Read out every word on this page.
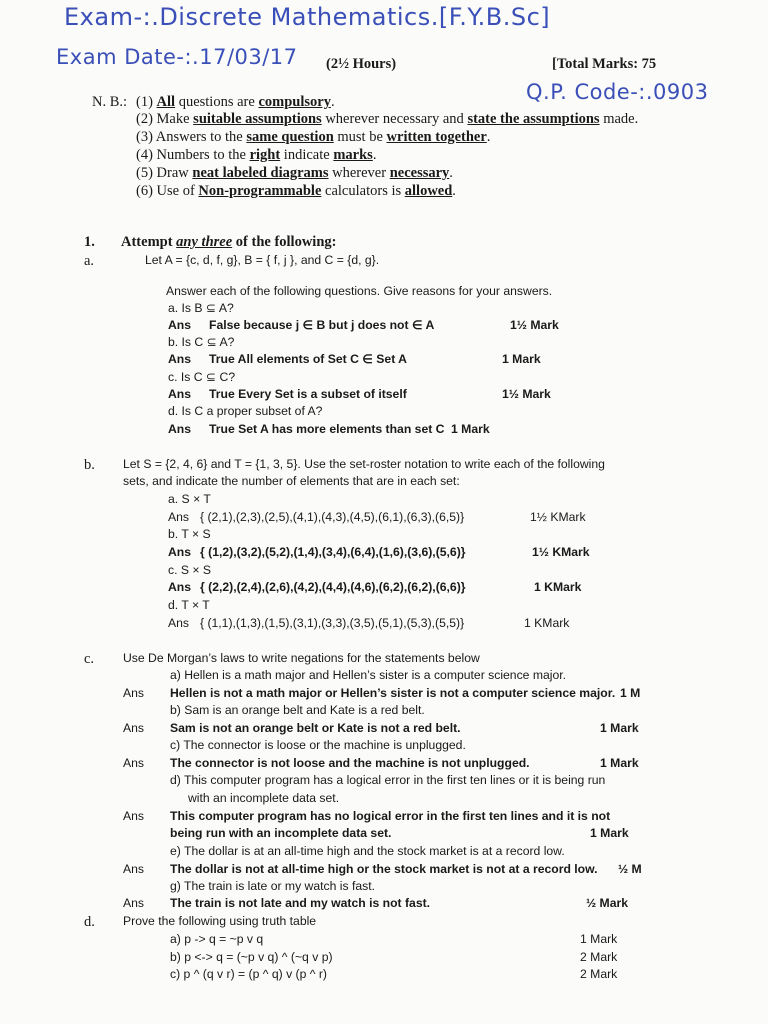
Exam-:.Discrete Mathematics.[F.Y.B.Sc]
Exam Date-:.17/03/17 (2½ Hours)	[Total Marks: 75
Q.P. Code-:.0903
N. B.: (1) All questions are compulsory.
(2) Make suitable assumptions wherever necessary and state the assumptions made.
(3) Answers to the same question must be written together.
(4) Numbers to the right indicate marks.
(5) Draw neat labeled diagrams wherever necessary.
(6) Use of Non-programmable calculators is allowed.
1. Attempt any three of the following:
a.	Let A = {c, d, f, g}, B = { f, j }, and C = {d, g}.
Answer each of the following questions. Give reasons for your answers.
a. Is B ⊆ A?
Ans False because j ∈ B but j does not ∈ A	1½ Mark
b. Is C ⊆ A?
Ans True All elements of Set C ∈ Set A	1 Mark
c. Is C ⊆ C?
Ans True Every Set is a subset of itself	1½ Mark
d. Is C a proper subset of A?
Ans True Set A has more elements than set C 1 Mark
b. Let S = {2, 4, 6} and T = {1, 3, 5}. Use the set-roster notation to write each of the following
sets, and indicate the number of elements that are in each set:
a. S × T
Ans { (2,1),(2,3),(2,5),(4,1),(4,3),(4,5),(6,1),(6,3),(6,5)}	1½ KMark
b. T × S
Ans { (1,2),(3,2),(5,2),(1,4),(3,4),(6,4),(1,6),(3,6),(5,6)}	1½ KMark
c. S × S
Ans { (2,2),(2,4),(2,6),(4,2),(4,4),(4,6),(6,2),(6,2),(6,6)}	1 KMark
d. T × T
Ans { (1,1),(1,3),(1,5),(3,1),(3,3),(3,5),(5,1),(5,3),(5,5)}	1 KMark
c. Use De Morgan’s laws to write negations for the statements below
a) Hellen is a math major and Hellen’s sister is a computer science major.
Ans Hellen is not a math major or Hellen’s sister is not a computer science major. 1 M
b) Sam is an orange belt and Kate is a red belt.
Ans Sam is not an orange belt or Kate is not a red belt.	1 Mark
c) The connector is loose or the machine is unplugged.
Ans The connector is not loose and the machine is not unplugged.	1 Mark
d) This computer program has a logical error in the first ten lines or it is being run
with an incomplete data set.
Ans This computer program has no logical error in the first ten lines and it is not
being run with an incomplete data set.	1 Mark
e) The dollar is at an all-time high and the stock market is at a record low.
Ans The dollar is not at all-time high or the stock market is not at a record low. ½ M
g) The train is late or my watch is fast.
Ans The train is not late and my watch is not fast.	½ Mark
d. Prove the following using truth table
a) p -> q = ~p v q	1 Mark
b) p <-> q = (~p v q) ^ (~q v p)	2 Mark
c) p ^ (q v r) = (p ^ q) v (p ^ r)	2 Mark
